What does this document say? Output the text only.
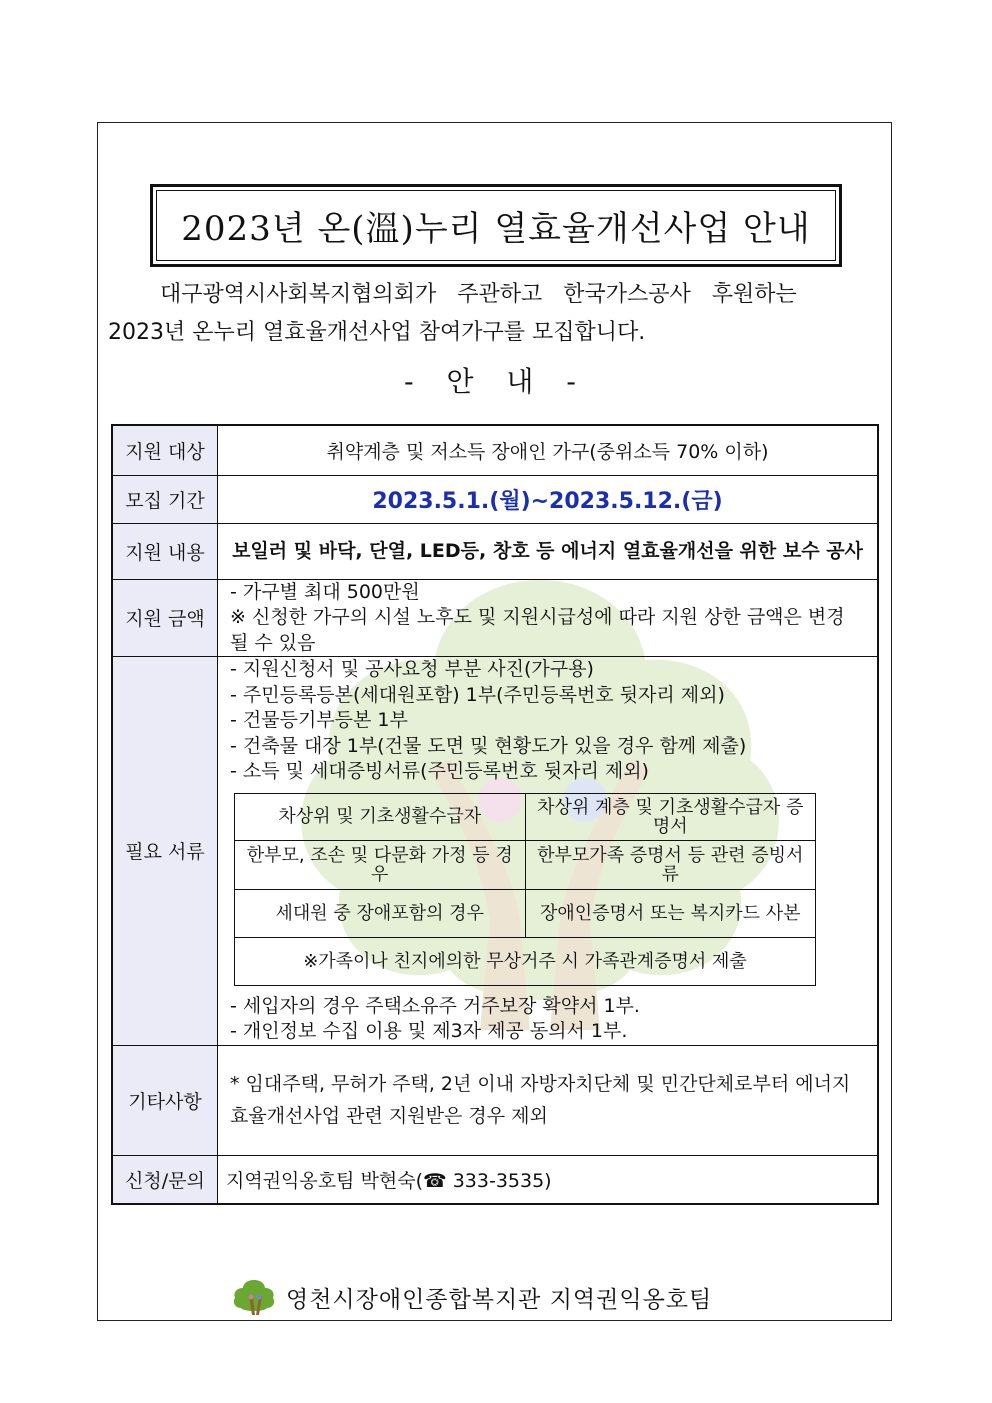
2023년 온(溫)누리 열효율개선사업 안내
대구광역시사회복지협의회가 주관하고 한국가스공사 후원하는
2023년 온누리 열효율개선사업 참여가구를 모집합니다.
- 안 내 -
지원 대상	취약계층 및 저소득 장애인 가구(중위소득 70% 이하)
모집 기간	2023.5.1.(월)~2023.5.12.(금)
지원 내용	보일러 및 바닥, 단열, LED등, 창호 등 에너지 열효율개선을 위한 보수 공사
지원 금액	
- 가구별 최대 500만원
※ 신청한 가구의 시설 노후도 및 지원시급성에 따라 지원 상한 금액은 변경 될 수 있음

필요 서류	
- 지원신청서 및 공사요청 부분 사진(가구용)
- 주민등록등본(세대원포함) 1부(주민등록번호 뒷자리 제외)
- 건물등기부등본 1부
- 건축물 대장 1부(건물 도면 및 현황도가 있을 경우 함께 제출)
- 소득 및 세대증빙서류(주민등록번호 뒷자리 제외)
차상위 및 기초생활수급자	차상위 계층 및 기초생활수급자 증명서
한부모, 조손 및 다문화 가정 등 경우	한부모가족 증명서 등 관련 증빙서류
세대원 중 장애포함의 경우	장애인증명서 또는 복지카드 사본
※가족이나 친지에의한 무상거주 시 가족관계증명서 제출
- 세입자의 경우 주택소유주 거주보장 확약서 1부.
- 개인정보 수집 이용 및 제3자 제공 동의서 1부.

기타사항	* 임대주택, 무허가 주택, 2년 이내 자방자치단체 및 민간단체로부터 에너지효율개선사업 관련 지원받은 경우 제외
신청/문의	지역권익옹호팀 박현숙(☎ 333-3535)
영천시장애인종합복지관 지역권익옹호팀
